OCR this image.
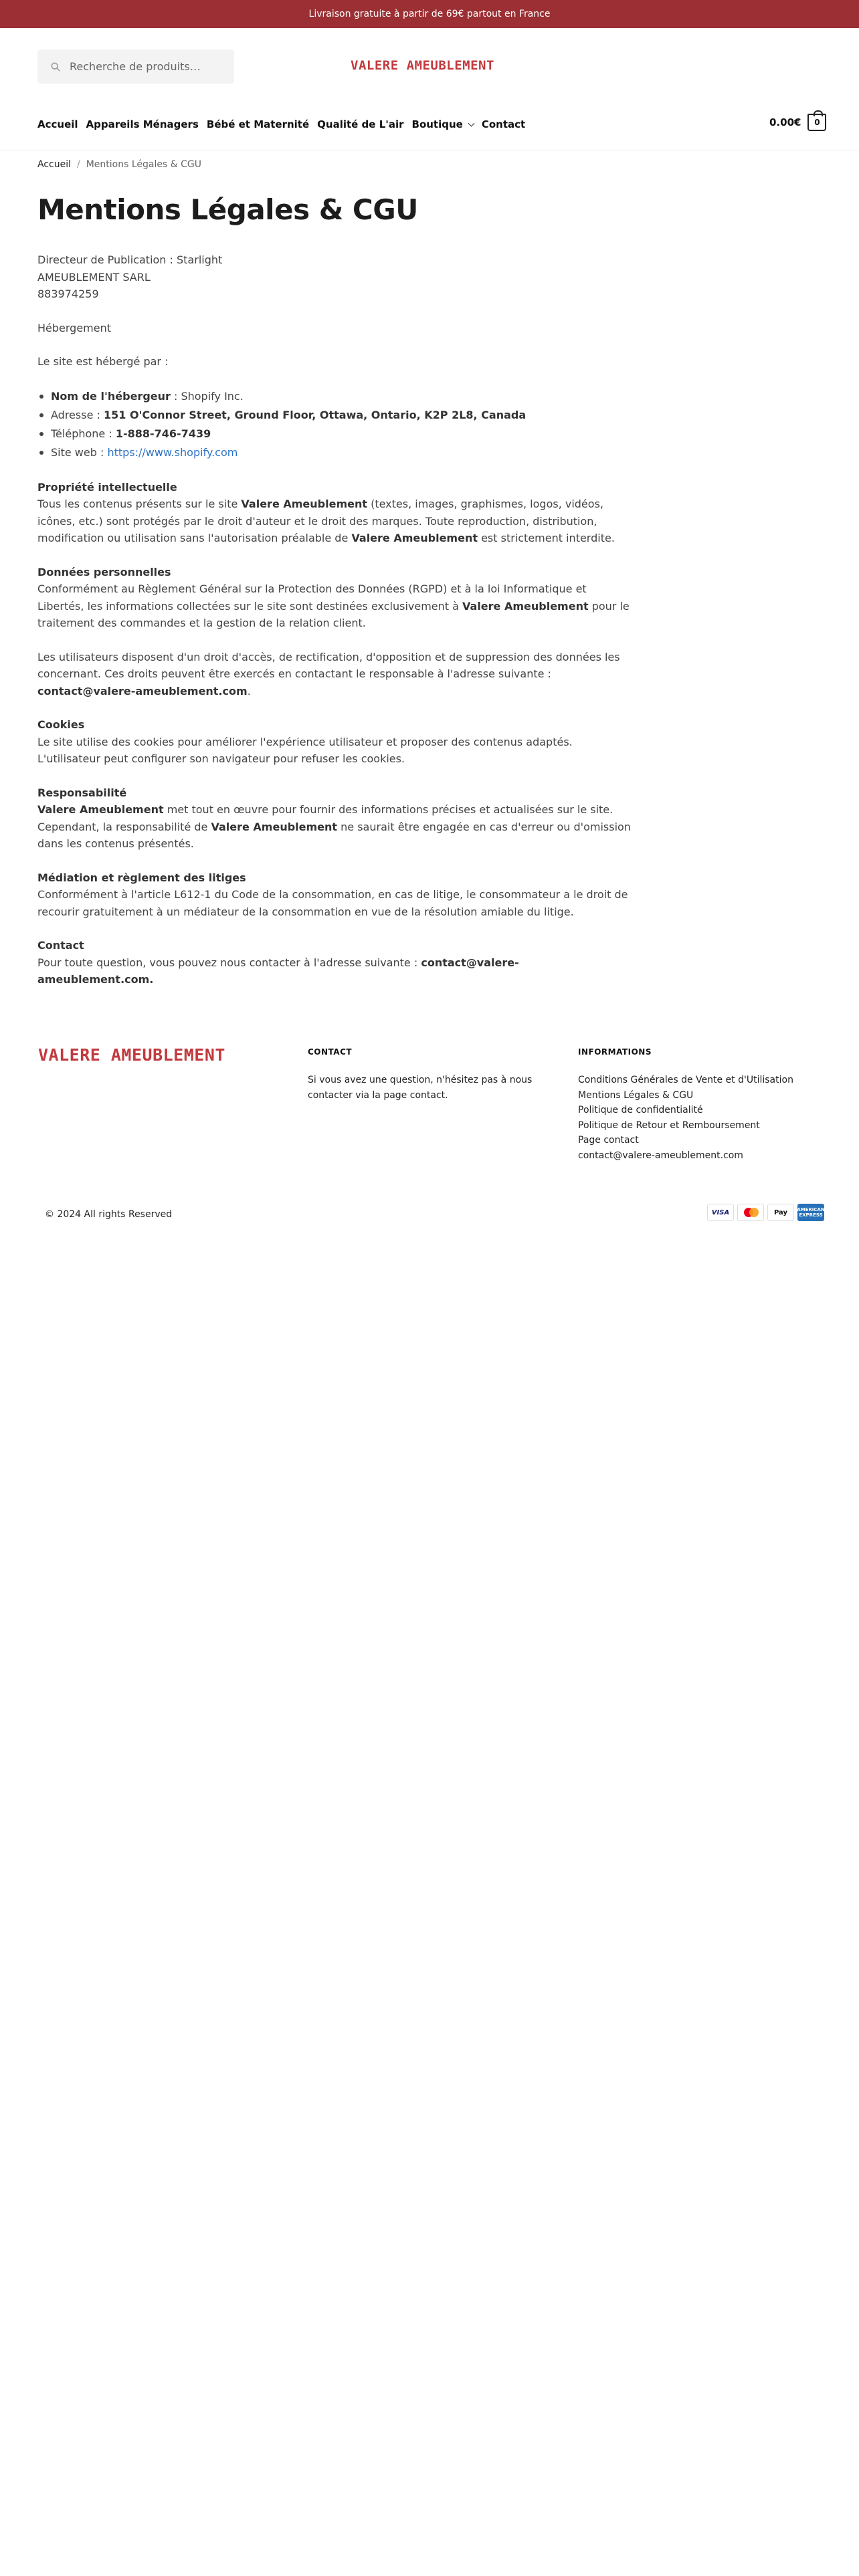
Livraison gratuite à partir de 69€ partout en France
Recherche de produits…
VALERE AMEUBLEMENT
Accueil Appareils Ménagers Bébé et Maternité Qualité de L'air Boutique Contact	0.00€ 0
Accueil / Mentions Légales & CGU
Mentions Légales & CGU

Directeur de Publication : Starlight
AMEUBLEMENT SARL
883974259

Hébergement

Le site est hébergé par :

Nom de l'hébergeur : Shopify Inc.
Adresse : 151 O'Connor Street, Ground Floor, Ottawa, Ontario, K2P 2L8, Canada
Téléphone : 1-888-746-7439
Site web : https://www.shopify.com

Propriété intellectuelle
Tous les contenus présents sur le site Valere Ameublement (textes, images, graphismes, logos, vidéos, icônes, etc.) sont protégés par le droit d'auteur et le droit des marques. Toute reproduction, distribution, modification ou utilisation sans l'autorisation préalable de Valere Ameublement est strictement interdite.

Données personnelles
Conformément au Règlement Général sur la Protection des Données (RGPD) et à la loi Informatique et Libertés, les informations collectées sur le site sont destinées exclusivement à Valere Ameublement pour le traitement des commandes et la gestion de la relation client.

Les utilisateurs disposent d'un droit d'accès, de rectification, d'opposition et de suppression des données les concernant. Ces droits peuvent être exercés en contactant le responsable à l'adresse suivante : contact@valere-ameublement.com.

Cookies
Le site utilise des cookies pour améliorer l'expérience utilisateur et proposer des contenus adaptés. L'utilisateur peut configurer son navigateur pour refuser les cookies.

Responsabilité
Valere Ameublement met tout en œuvre pour fournir des informations précises et actualisées sur le site. Cependant, la responsabilité de Valere Ameublement ne saurait être engagée en cas d'erreur ou d'omission dans les contenus présentés.

Médiation et règlement des litiges
Conformément à l'article L612-1 du Code de la consommation, en cas de litige, le consommateur a le droit de recourir gratuitement à un médiateur de la consommation en vue de la résolution amiable du litige.

Contact
Pour toute question, vous pouvez nous contacter à l'adresse suivante : contact@valere-ameublement.com.

VALERE AMEUBLEMENT	CONTACT

Si vous avez une question, n'hésitez pas à nous contacter via la page contact.

INFORMATIONS
Conditions Générales de Vente et d'Utilisation
Mentions Légales & CGU
Politique de confidentialité
Politique de Retour et Remboursement
Page contact
contact@valere-ameublement.com
© 2024 All rights Reserved	VISA	Pay AMERICAN EXPRESS
